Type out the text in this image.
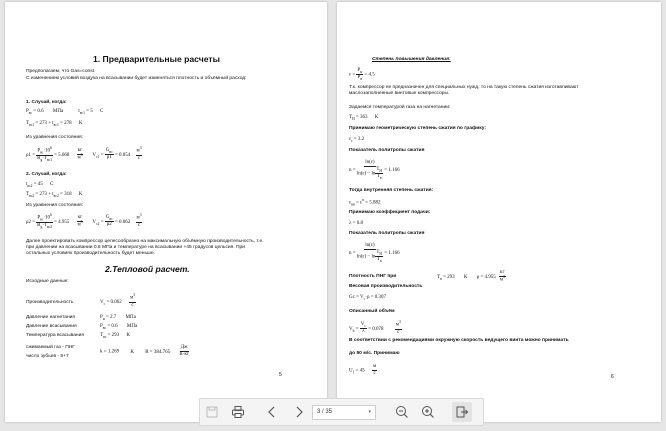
1. Предварительные расчеты
Предполагаем, что Gas=const
С изменением условий воздуха на всасывании будет изменяться плотность и объёмный расход:
1. Случай, когда:
$P_{вс} = 0.6$ МПа	$t_{вс1} = 5$ C
$T_{вс1} = 273 + t_{вс1} = 278$ K
Из уравнения состояния:
$\rho 1 = \frac{P_{вс}\cdot 10^6}{R_g\cdot T_{вс1}} = 5.668 \frac{кг}{м^3} V_{с1} = \frac{G_{вс}}{\rho 1} = 0.054 \frac{м^3}{с}$
2. Случай, когда:
$t_{вс2} = 45$ C
$T_{вс2} = 273 + t_{вс2} = 318$ K
Из уравнения состояния:
$\rho 2 = \frac{P_{вс}\cdot 10^6}{R_g\cdot T_{вс2}} = 4.955 \frac{кг}{м^3} V_{с2} = \frac{G_{вс}}{\rho 2} = 0.062 \frac{м^3}{с}$
Далее проектировать компрессор целесообразно на максимальную объёмную производительность, т.е. при давлении на всасывании 0.6 МПа и температуре на всасывании +45 градусов цельсия. При остальных условиях производительность будет меньше.
2.Тепловой расчет.
Исходные данные:
Производительность	$V_c = 0.062 \frac{м^3}{с}$
Давление нагнетания	$P_н = 2.7$ МПа
Давление всасывания	$P_{вс} = 0.6$ МПа
Температура всасывания	$T_{вс} = 293$ K
сжимаемый газ - ПНГ
k = 1.269 K $R = 384.765 \frac{Дж}{К\cdot кг}$
число зубьев - 5+7
5
Степень повышения давления:
$\varepsilon = \frac{P_н}{P_в} = 4.5$
Т.к. компрессор не предназначен для специальных нужд, то на такую степень сжатия изготавливают маслозаполненные винтовые компрессоры.
Задаемся температурой газа на нагнетании:
$T_H = 363$ K
Принимаю геометрическую степень сжатия по графику:
$\varepsilon_г = 3.2$
Показатель политропы сжатия
$n = \frac{\ln(\varepsilon)}{\ln(\varepsilon) - \ln \frac{T_H}{T_в}} = 1.166$
Тогда внутренняя степень сжатия:
$\varepsilon_{вн} = \varepsilon^n = 5.882$
Принимаю коэффициент подачи:
λ = 0.8
Показатель политропы сжатия
$n = \frac{\ln(\varepsilon)}{\ln(\varepsilon) - \ln \frac{T_H}{T_в}} = 1.166$
Плотность ПНГ при	$T_в = 293$ K $\rho = 4.955 \frac{кг}{м^3}$
Весовая производительность
$Gc = V_с\cdot\rho = 0.307$
Описанный объём
$V_h = \frac{V_с}{\lambda} = 0.078 \frac{м^3}{с}$
В соответствии с рекомендациями окружную скорость ведущего винта можно принимать
до 50 м/с. Принимаю
$U_1 = 45 \frac{м}{с}$	6
3 / 35	▾
